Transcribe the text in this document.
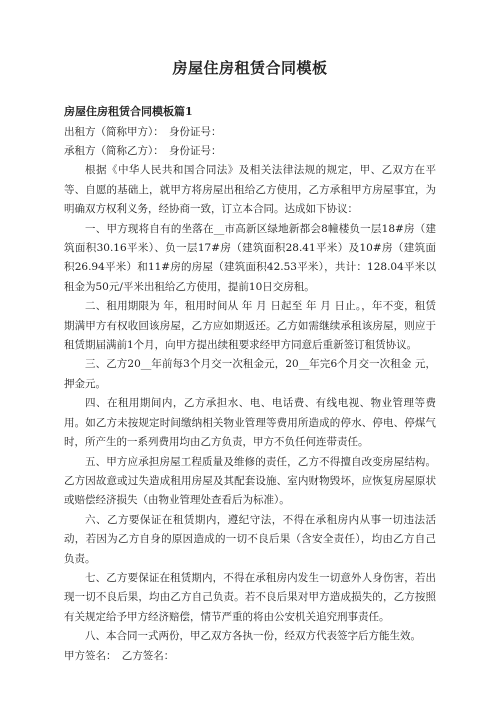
房屋住房租赁合同模板
房屋住房租赁合同模板篇1

出租方（简称甲方）：　身份证号：

承租方（简称乙方）：　身份证号：

根据《中华人民共和国合同法》及相关法律法规的规定，甲、乙双方在平等、自愿的基础上，就甲方将房屋出租给乙方使用，乙方承租甲方房屋事宜，为明确双方权利义务，经协商一致，订立本合同。达成如下协议：

一、甲方现将自有的坐落在__市高新区绿地新都会8幢楼负一层18#房（建筑面积30.16平米）、负一层17#房（建筑面积28.41平米）及10#房（建筑面积26.94平米）和11#房的房屋（建筑面积42.53平米），共计：128.04平米以租金为50元/平米出租给乙方使用，提前10日交房租。

二、租用期限为 年，租用时间从 年 月 日起至 年 月 日止。，年不变，租赁期满甲方有权收回该房屋，乙方应如期返还。乙方如需继续承租该房屋，则应于租赁期届满前1个月，向甲方提出续租要求经甲方同意后重新签订租赁协议。

三、乙方20__年前每3个月交一次租金元，20__年完6个月交一次租金 元，押金元。

四、在租用期间内，乙方承担水、电、电话费、有线电视、物业管理等费用。如乙方未按规定时间缴纳相关物业管理等费用所造成的停水、停电、停煤气时，所产生的一系列费用均由乙方负责，甲方不负任何连带责任。

五、甲方应承担房屋工程质量及维修的责任，乙方不得擅自改变房屋结构。乙方因故意或过失造成租用房屋及其配套设施、室内财物毁坏，应恢复房屋原状或赔偿经济损失（由物业管理处查看后为标准）。

六、乙方要保证在租赁期内，遵纪守法，不得在承租房内从事一切违法活动，若因为乙方自身的原因造成的一切不良后果（含安全责任），均由乙方自己负责。

七、乙方要保证在租赁期内，不得在承租房内发生一切意外人身伤害，若出现一切不良后果，均由乙方自己负责。若不良后果对甲方造成损失的，乙方按照有关规定给予甲方经济赔偿，情节严重的将由公安机关追究刑事责任。

八、本合同一式两份，甲乙双方各执一份，经双方代表签字后方能生效。

甲方签名：　乙方签名：
